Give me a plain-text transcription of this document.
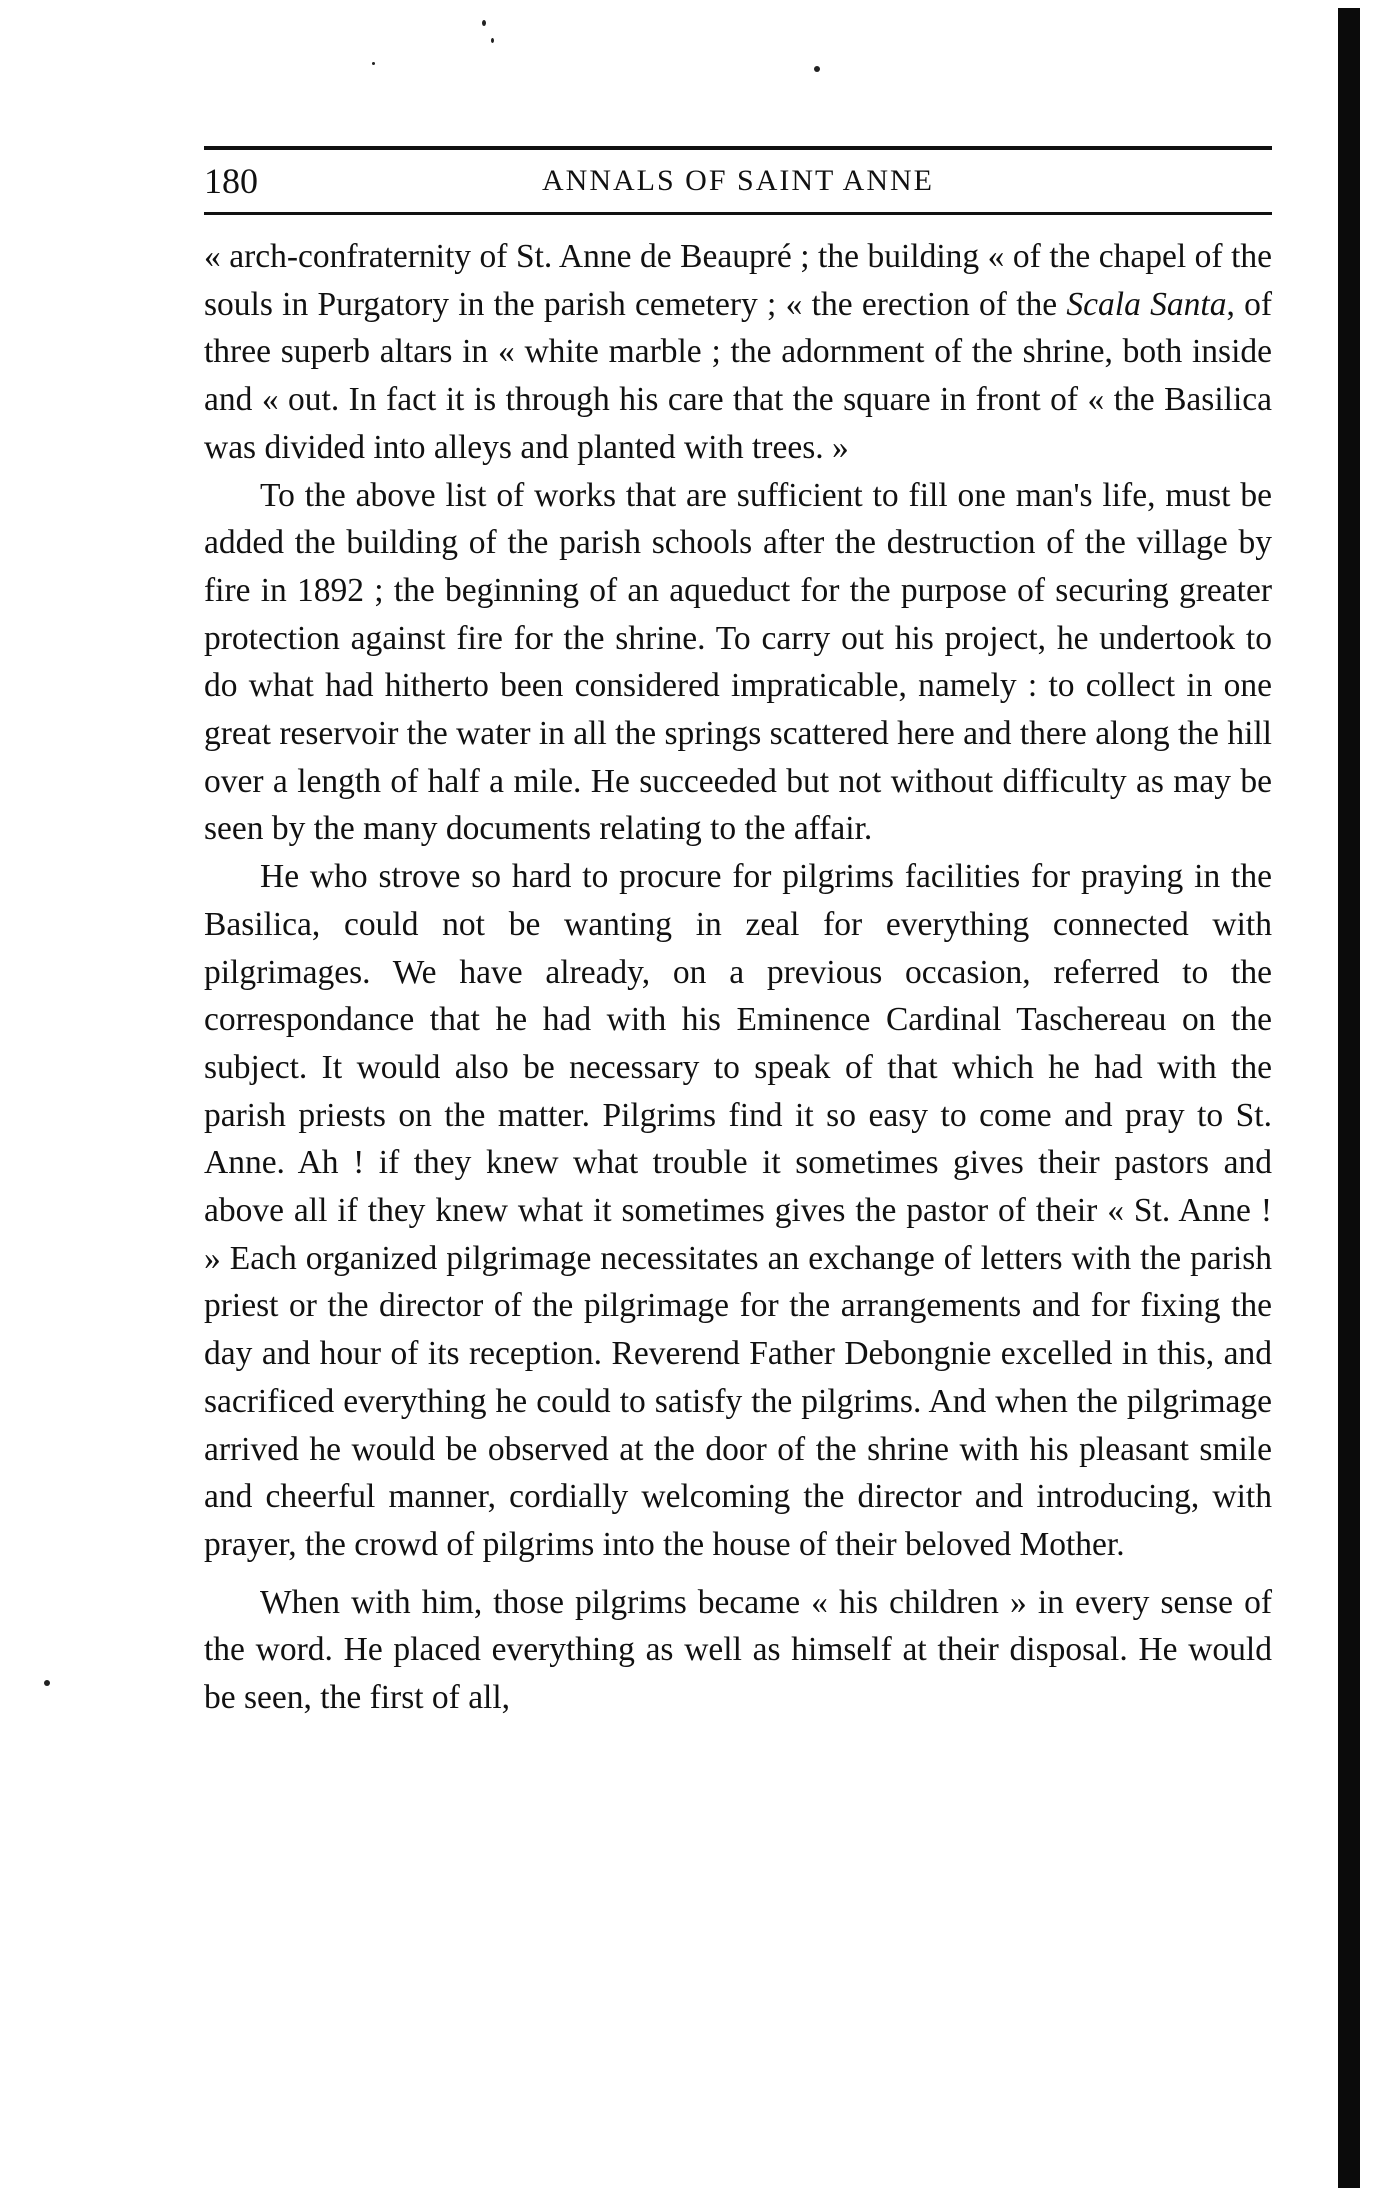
180	ANNALS OF SAINT ANNE

« arch-confraternity of St. Anne de Beaupré ; the building « of the chapel of the souls in Purgatory in the parish cemetery ; « the erection of the Scala Santa, of three superb altars in « white marble ; the adornment of the shrine, both inside and « out. In fact it is through his care that the square in front of « the Basilica was divided into alleys and planted with trees. »

To the above list of works that are sufficient to fill one man's life, must be added the building of the parish schools after the destruction of the village by fire in 1892 ; the beginning of an aqueduct for the purpose of securing greater protection against fire for the shrine. To carry out his project, he undertook to do what had hitherto been considered impraticable, namely : to collect in one great reservoir the water in all the springs scattered here and there along the hill over a length of half a mile. He succeeded but not without difficulty as may be seen by the many documents relating to the affair.

He who strove so hard to procure for pilgrims facilities for praying in the Basilica, could not be wanting in zeal for everything connected with pilgrimages. We have already, on a previous occasion, referred to the correspondance that he had with his Eminence Cardinal Taschereau on the subject. It would also be necessary to speak of that which he had with the parish priests on the matter. Pilgrims find it so easy to come and pray to St. Anne. Ah ! if they knew what trouble it sometimes gives their pastors and above all if they knew what it sometimes gives the pastor of their « St. Anne ! » Each organized pilgrimage necessitates an exchange of letters with the parish priest or the director of the pilgrimage for the arrangements and for fixing the day and hour of its reception. Reverend Father Debongnie excelled in this, and sacrificed everything he could to satisfy the pilgrims. And when the pilgrimage arrived he would be observed at the door of the shrine with his pleasant smile and cheerful manner, cordially welcoming the director and introducing, with prayer, the crowd of pilgrims into the house of their beloved Mother.

When with him, those pilgrims became « his children » in every sense of the word. He placed everything as well as himself at their disposal. He would be seen, the first of all,
